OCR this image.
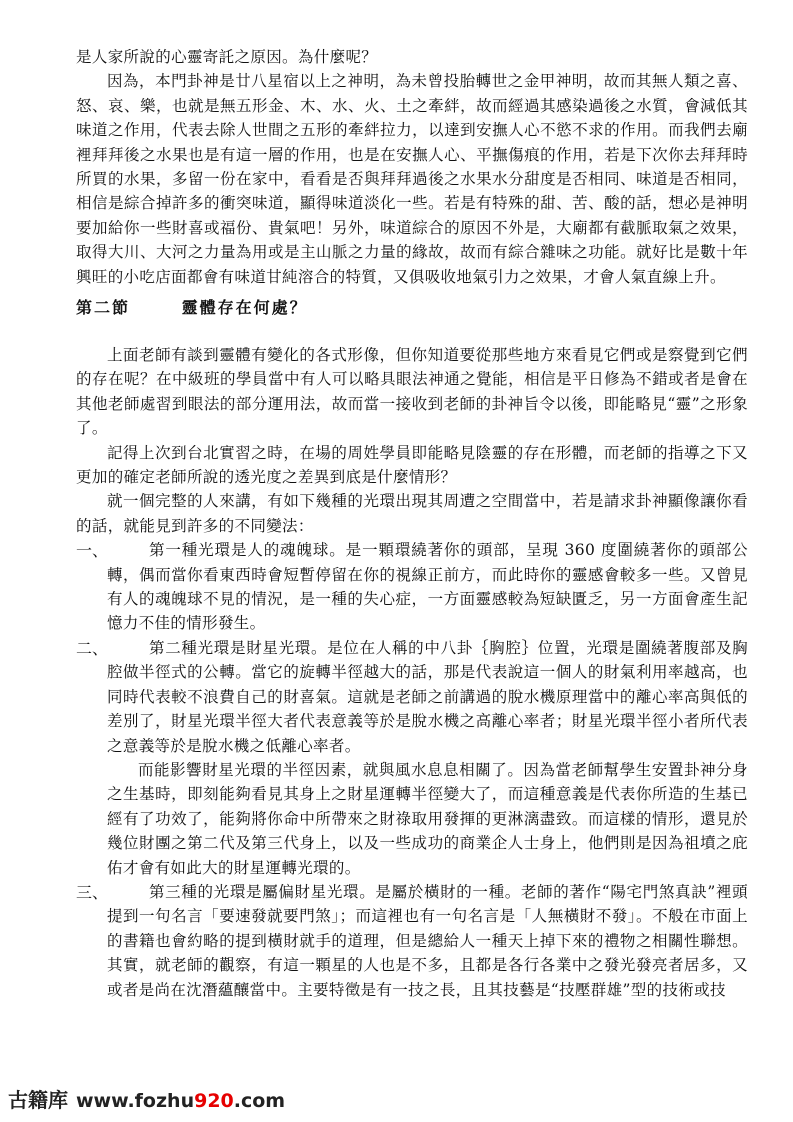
是人家所說的心靈寄託之原因。為什麼呢？

因為，本門卦神是廿八星宿以上之神明，為未曾投胎轉世之金甲神明，故而其無人類之喜、怒、哀、樂，也就是無五形金、木、水、火、土之牽絆，故而經過其感染過後之水質，會減低其味道之作用，代表去除人世間之五形的牽絆拉力，以達到安撫人心不慾不求的作用。而我們去廟裡拜拜後之水果也是有這一層的作用，也是在安撫人心、平撫傷痕的作用，若是下次你去拜拜時所買的水果，多留一份在家中，看看是否與拜拜過後之水果水分甜度是否相同、味道是否相同，相信是綜合掉許多的衝突味道，顯得味道淡化一些。若是有特殊的甜、苦、酸的話，想必是神明要加給你一些財喜或福份、貴氣吧！另外，味道綜合的原因不外是，大廟都有截脈取氣之效果，取得大川、大河之力量為用或是主山脈之力量的緣故，故而有綜合雜味之功能。就好比是數十年興旺的小吃店面都會有味道甘純溶合的特質，又俱吸收地氣引力之效果，才會人氣直線上升。

第二節	靈體存在何處？

上面老師有談到靈體有變化的各式形像，但你知道要從那些地方來看見它們或是察覺到它們的存在呢？在中級班的學員當中有人可以略具眼法神通之覺能，相信是平日修為不錯或者是會在其他老師處習到眼法的部分運用法，故而當一接收到老師的卦神旨令以後，即能略見“靈”之形象了。

記得上次到台北實習之時，在場的周姓學員即能略見陰靈的存在形體，而老師的指導之下又更加的確定老師所說的透光度之差異到底是什麼情形？

就一個完整的人來講，有如下幾種的光環出現其周遭之空間當中，若是請求卦神顯像讓你看的話，就能見到許多的不同變法：

一、	第一種光環是人的魂魄球。是一顆環繞著你的頭部，呈現 360 度圍繞著你的頭部公轉，偶而當你看東西時會短暫停留在你的視線正前方，而此時你的靈感會較多一些。又曾見有人的魂魄球不見的情況，是一種的失心症，一方面靈感較為短缺匱乏，另一方面會產生記憶力不佳的情形發生。

二、	第二種光環是財星光環。是位在人稱的中八卦｛胸腔｝位置，光環是圍繞著腹部及胸腔做半徑式的公轉。當它的旋轉半徑越大的話，那是代表說這一個人的財氣利用率越高，也同時代表較不浪費自己的財喜氣。這就是老師之前講過的脫水機原理當中的離心率高與低的差別了，財星光環半徑大者代表意義等於是脫水機之高離心率者；財星光環半徑小者所代表之意義等於是脫水機之低離心率者。

而能影響財星光環的半徑因素，就與風水息息相關了。因為當老師幫學生安置卦神分身之生基時，即刻能夠看見其身上之財星運轉半徑變大了，而這種意義是代表你所造的生基已經有了功效了，能夠將你命中所帶來之財祿取用發揮的更淋漓盡致。而這樣的情形，還見於幾位財團之第二代及第三代身上，以及一些成功的商業企人士身上，他們則是因為祖墳之庇佑才會有如此大的財星運轉光環的。

三、	第三種的光環是屬偏財星光環。是屬於橫財的一種。老師的著作“陽宅門煞真訣”裡頭提到一句名言「要速發就要門煞」；而這裡也有一句名言是「人無橫財不發」。不般在市面上的書籍也會約略的提到橫財就手的道理，但是總給人一種天上掉下來的禮物之相關性聯想。其實，就老師的觀察，有這一顆星的人也是不多，且都是各行各業中之發光發亮者居多，又或者是尚在沈潛蘊釀當中。主要特徵是有一技之長，且其技藝是“技壓群雄”型的技術或技

古籍库 www.fozhu920.com
